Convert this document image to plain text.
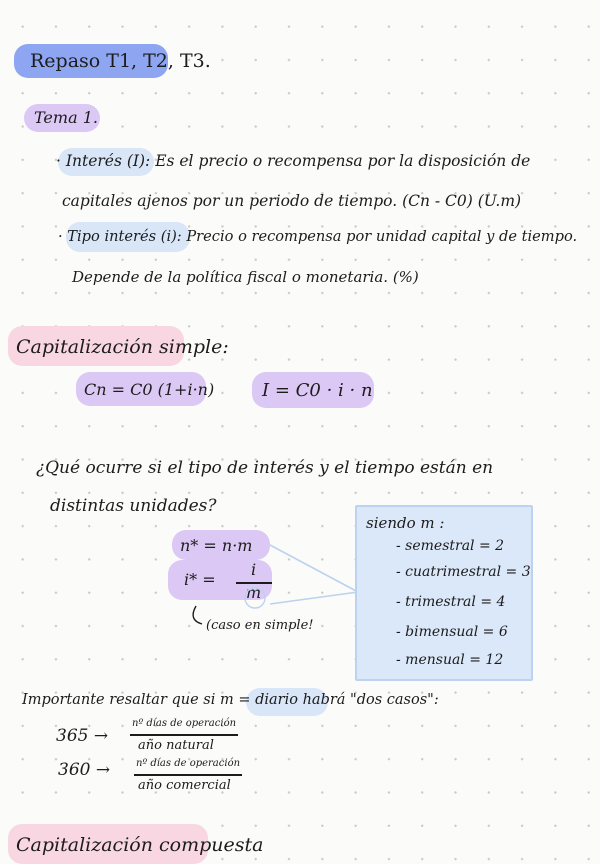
Repaso T1, T2, T3.
Tema 1.
· Interés (I): Es el precio o recompensa por la disposición de
capitales ajenos por un periodo de tiempo. (Cn - C0) (U.m)
· Tipo interés (i): Precio o recompensa por unidad capital y de tiempo.
Depende de la política fiscal o monetaria. (%)
Capitalización simple:
Cn = C0 (1+i·n)	I = C0 · i · n
¿Qué ocurre si el tipo de interés y el tiempo están en
distintas unidades?
n* = n·m
i* =
i
m
(caso en simple!
siendo m :
- semestral = 2
- cuatrimestral = 3
- trimestral = 4
- bimensual = 6
- mensual = 12
Importante resaltar que si m = diario habrá "dos casos":
365 →
nº días de operación
año natural
360 →	nº días de operación
año comercial
Capitalización compuesta
